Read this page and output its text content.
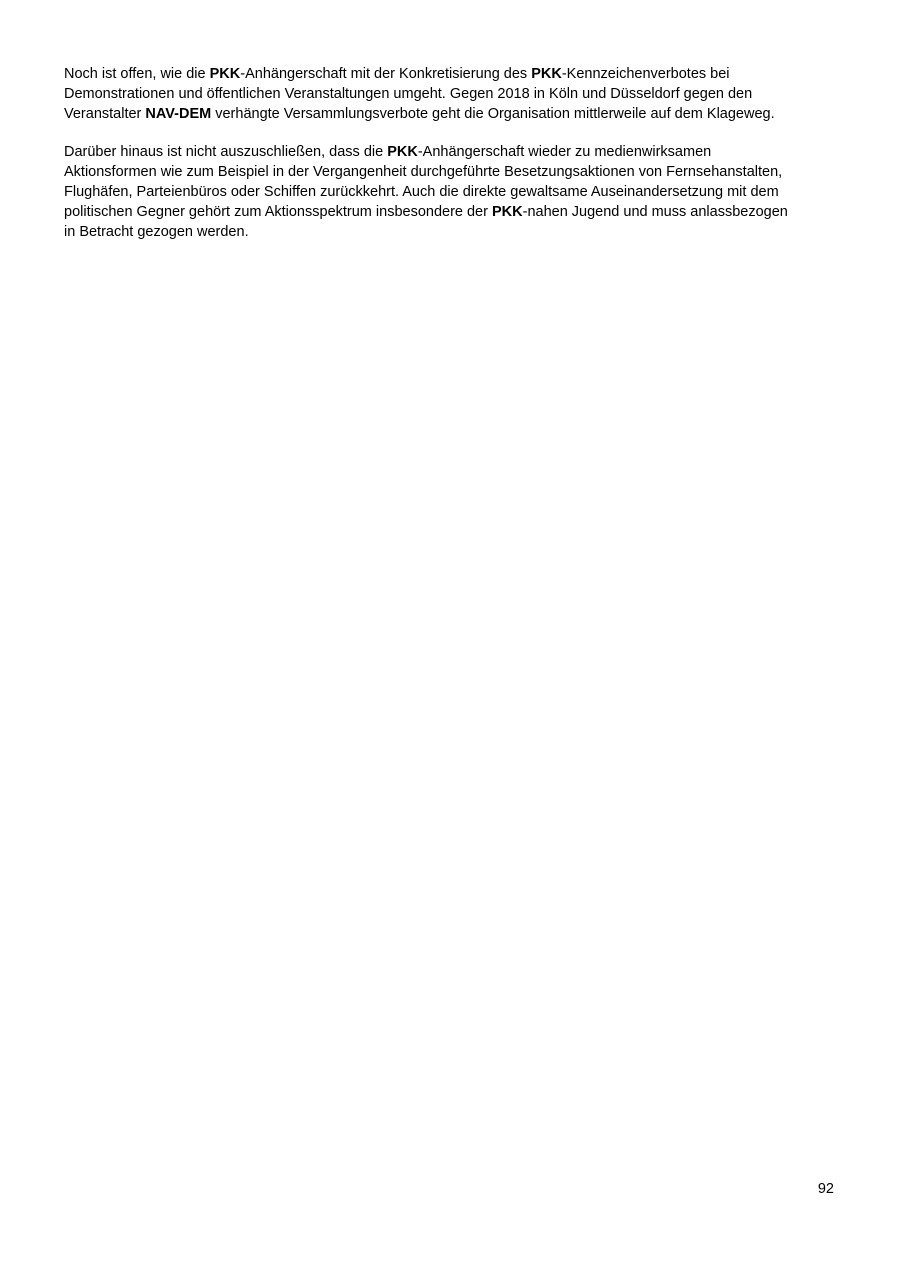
Noch ist offen, wie die PKK-Anhängerschaft mit der Konkretisierung des PKK-Kennzeichenverbotes bei
Demonstrationen und öffentlichen Veranstaltungen umgeht. Gegen 2018 in Köln und Düsseldorf gegen den
Veranstalter NAV-DEM verhängte Versammlungsverbote geht die Organisation mittlerweile auf dem Klageweg.

Darüber hinaus ist nicht auszuschließen, dass die PKK-Anhängerschaft wieder zu medienwirksamen
Aktionsformen wie zum Beispiel in der Vergangenheit durchgeführte Besetzungsaktionen von Fernsehanstalten,
Flughäfen, Parteienbüros oder Schiffen zurückkehrt. Auch die direkte gewaltsame Auseinandersetzung mit dem
politischen Gegner gehört zum Aktionsspektrum insbesondere der PKK-nahen Jugend und muss anlassbezogen
in Betracht gezogen werden.

92
